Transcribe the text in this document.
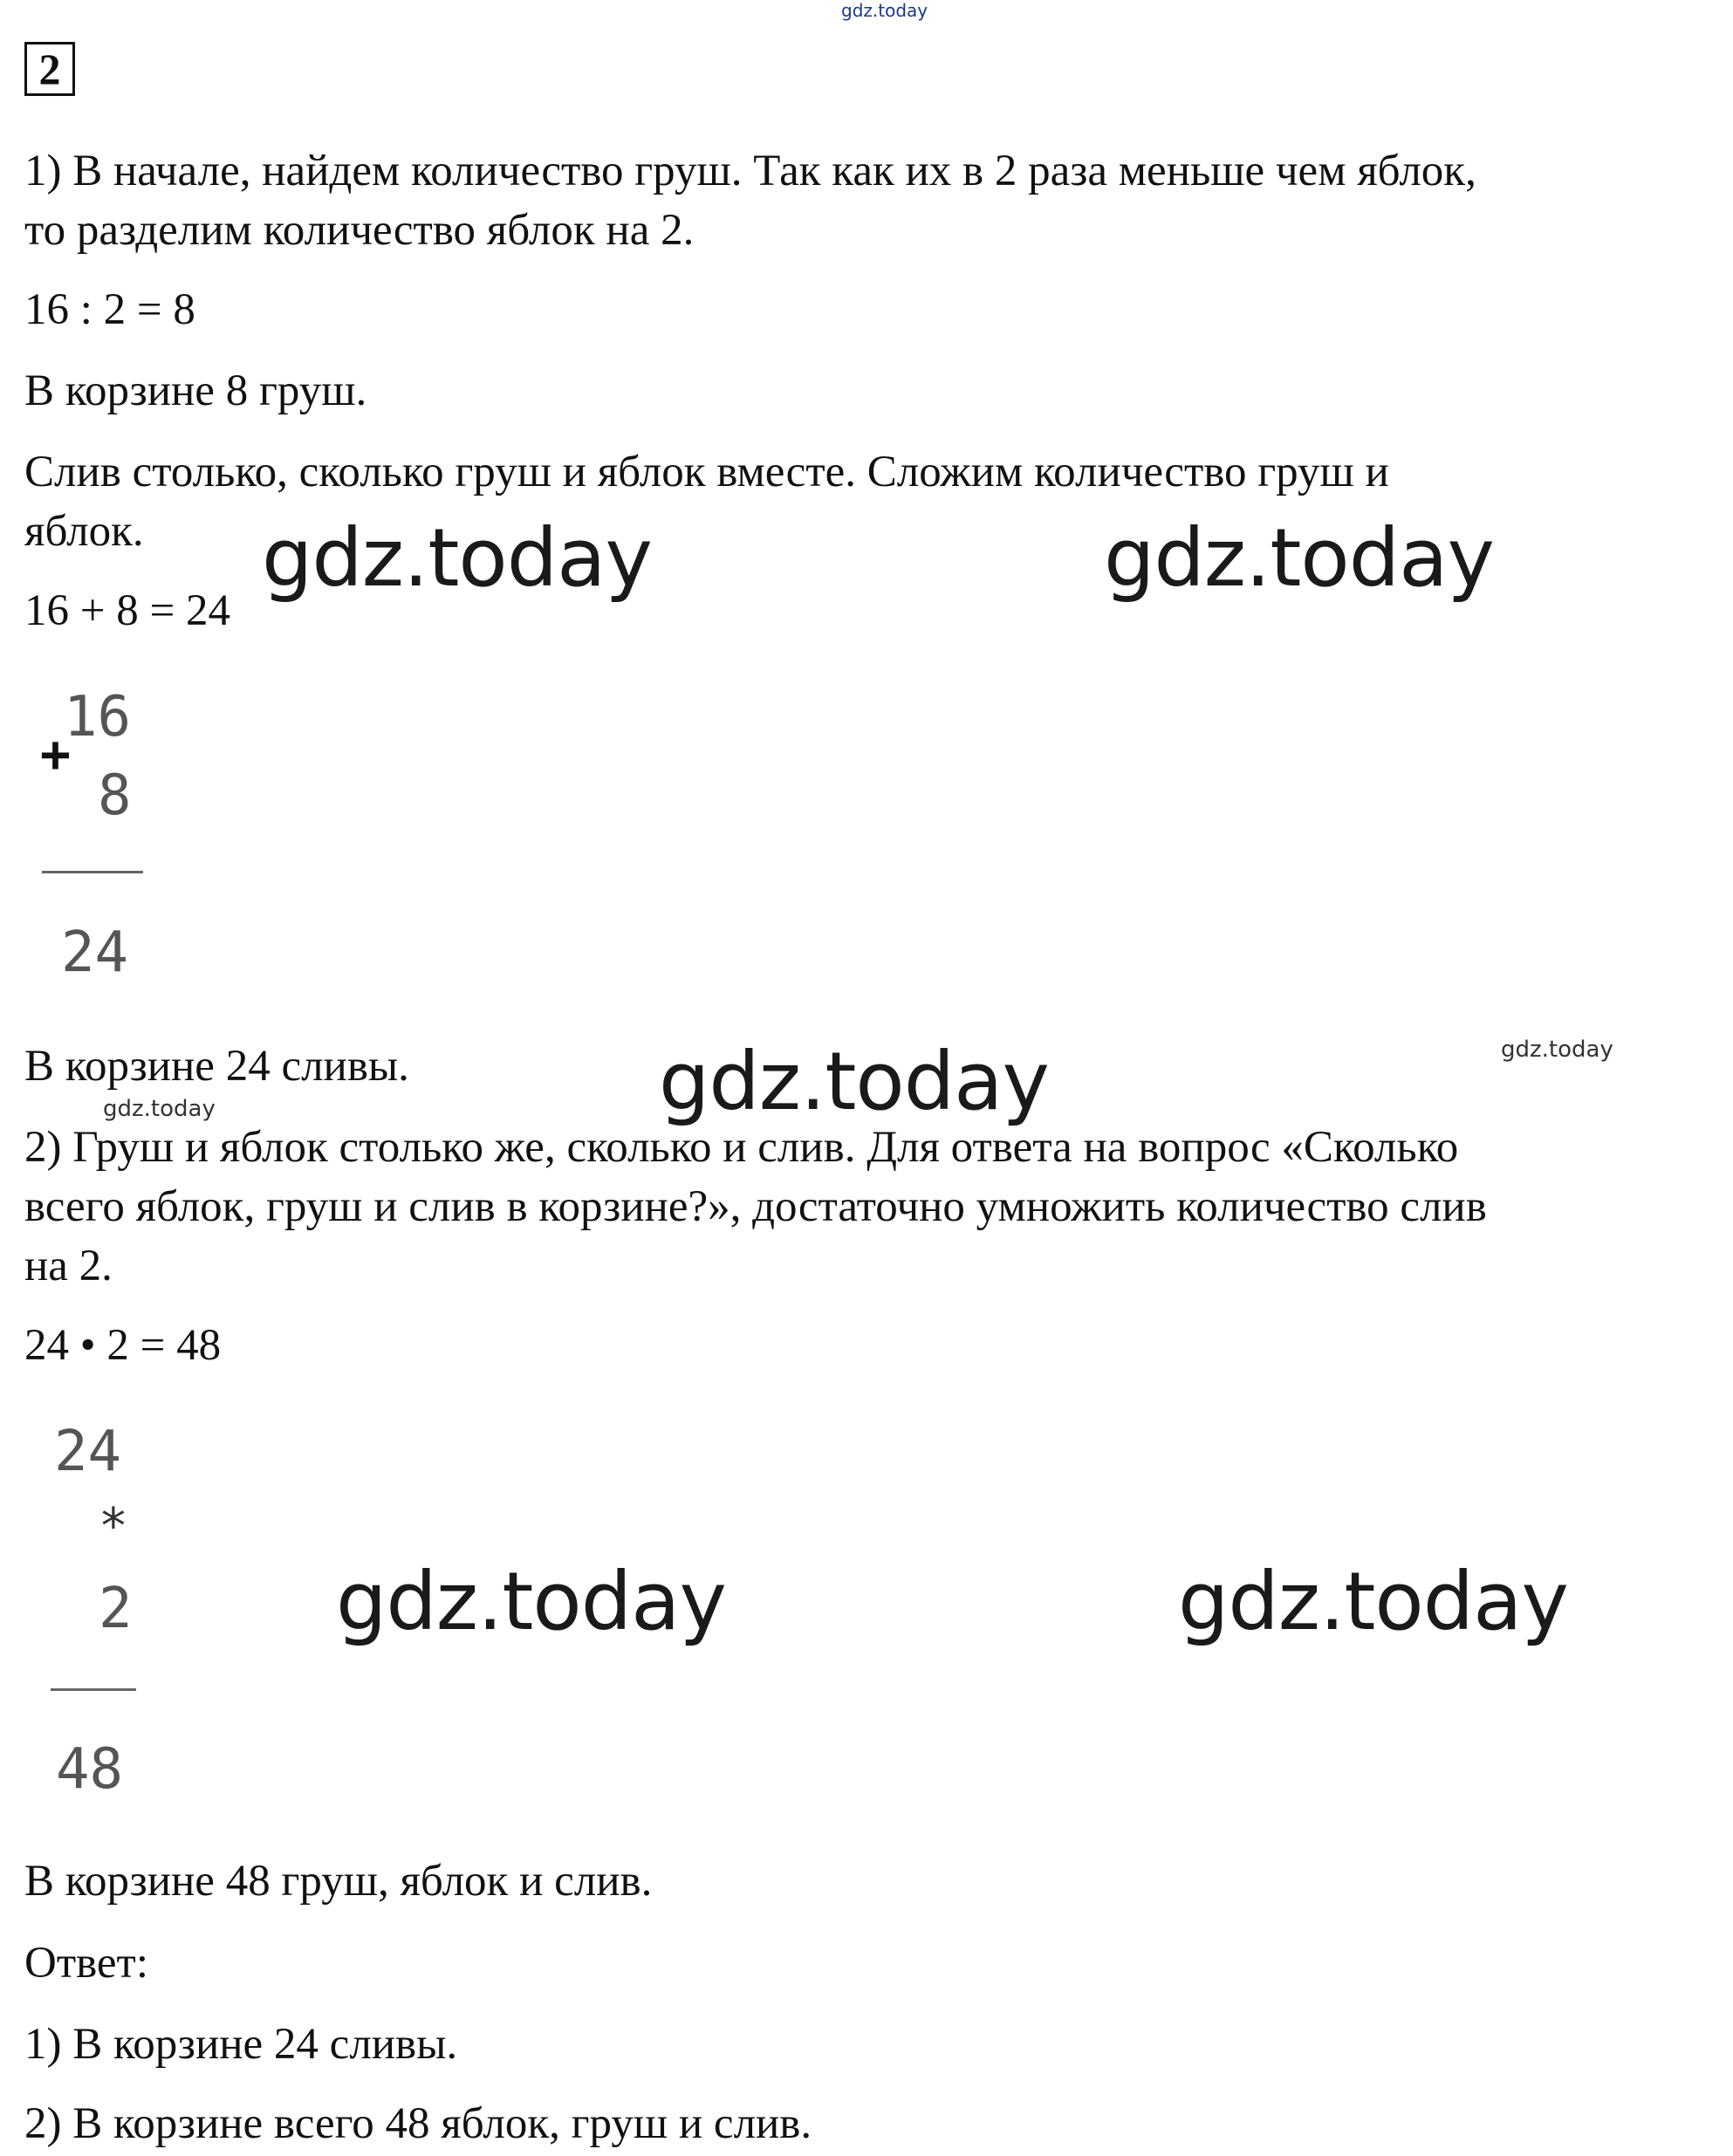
gdz.today
gdz.today	gdz.today
gdz.today	gdz.today
gdz.today
gdz.today	gdz.today
2

1) В начале, найдем количество груш. Так как их в 2 раза меньше чем яблок,

то разделим количество яблок на 2.

16 : 2 = 8

В корзине 8 груш.

Слив столько, сколько груш и яблок вместе. Сложим количество груш и

яблок.

16 + 8 = 24

16
+
8
24

В корзине 24 сливы.

2) Груш и яблок столько же, сколько и слив. Для ответа на вопрос «Сколько

всего яблок, груш и слив в корзине?», достаточно умножить количество слив

на 2.

24 • 2 = 48

24
*
2
48

В корзине 48 груш, яблок и слив.

Ответ:

1) В корзине 24 сливы.

2) В корзине всего 48 яблок, груш и слив.
